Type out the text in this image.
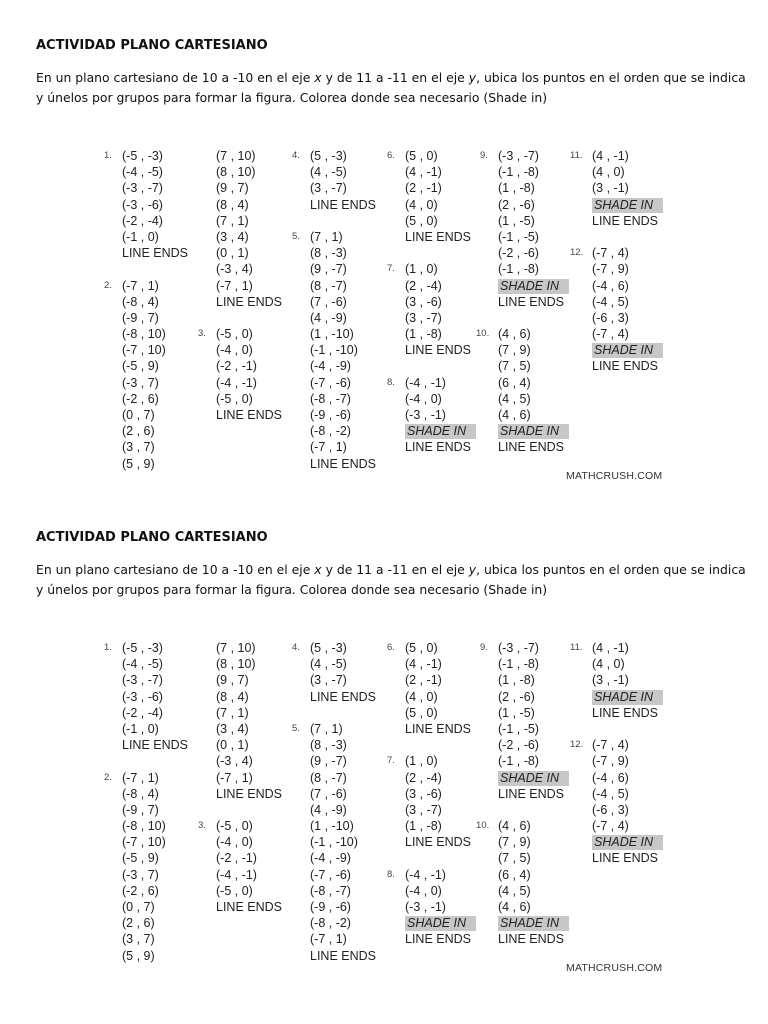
ACTIVIDAD PLANO CARTESIANO
En un plano cartesiano de 10 a -10 en el eje x y de 11 a -11 en el eje y, ubica los puntos en el orden que se indica y únelos por grupos para formar la figura. Colorea donde sea necesario (Shade in)
1. (-5 , -3)
(-4 , -5)
(-3 , -7)
(-3 , -6)
(-2 , -4)
(-1 , 0)
LINE ENDS
2. (-7 , 1)
(-8 , 4)
(-9 , 7)
(-8 , 10)
(-7 , 10)
(-5 , 9)
(-3 , 7)
(-2 , 6)
(0 , 7)
(2 , 6)
(3 , 7)
(5 , 9)
(7 , 10)
(8 , 10)
(9 , 7)
(8 , 4)
(7 , 1)
(3 , 4)
(0 , 1)
(-3 , 4)
(-7 , 1)
LINE ENDS
3. (-5 , 0)
(-4 , 0)
(-2 , -1)
(-4 , -1)
(-5 , 0)
LINE ENDS
4. (5 , -3)
(4 , -5)
(3 , -7)
LINE ENDS
5. (7 , 1)
(8 , -3)
(9 , -7)
(8 , -7)
(7 , -6)
(4 , -9)
(1 , -10)
(-1 , -10)
(-4 , -9)
(-7 , -6)
(-8 , -7)
(-9 , -6)
(-8 , -2)
(-7 , 1)
LINE ENDS
6. (5 , 0)
(4 , -1)
(2 , -1)
(4 , 0)
(5 , 0)
LINE ENDS
7. (1 , 0)
(2 , -4)
(3 , -6)
(3 , -7)
(1 , -8)
LINE ENDS
8. (-4 , -1)
(-4 , 0)
(-3 , -1)
SHADE IN
LINE ENDS
9. (-3 , -7)
(-1 , -8)
(1 , -8)
(2 , -6)
(1 , -5)
(-1 , -5)
(-2 , -6)
(-1 , -8)
SHADE IN
LINE ENDS
10. (4 , 6)
(7 , 9)
(7 , 5)
(6 , 4)
(4 , 5)
(4 , 6)
SHADE IN
LINE ENDS
11. (4 , -1)
(4 , 0)
(3 , -1)
SHADE IN
LINE ENDS
12. (-7 , 4)
(-7 , 9)
(-4 , 6)
(-4 , 5)
(-6 , 3)
(-7 , 4)
SHADE IN
LINE ENDS
MATHCRUSH.COM
ACTIVIDAD PLANO CARTESIANO
En un plano cartesiano de 10 a -10 en el eje x y de 11 a -11 en el eje y, ubica los puntos en el orden que se indica y únelos por grupos para formar la figura. Colorea donde sea necesario (Shade in)
1. (-5 , -3)
(-4 , -5)
(-3 , -7)
(-3 , -6)
(-2 , -4)
(-1 , 0)
LINE ENDS
2. (-7 , 1)
(-8 , 4)
(-9 , 7)
(-8 , 10)
(-7 , 10)
(-5 , 9)
(-3 , 7)
(-2 , 6)
(0 , 7)
(2 , 6)
(3 , 7)
(5 , 9)
(7 , 10)
(8 , 10)
(9 , 7)
(8 , 4)
(7 , 1)
(3 , 4)
(0 , 1)
(-3 , 4)
(-7 , 1)
LINE ENDS
3. (-5 , 0)
(-4 , 0)
(-2 , -1)
(-4 , -1)
(-5 , 0)
LINE ENDS
4. (5 , -3)
(4 , -5)
(3 , -7)
LINE ENDS
5. (7 , 1)
(8 , -3)
(9 , -7)
(8 , -7)
(7 , -6)
(4 , -9)
(1 , -10)
(-1 , -10)
(-4 , -9)
(-7 , -6)
(-8 , -7)
(-9 , -6)
(-8 , -2)
(-7 , 1)
LINE ENDS
6. (5 , 0)
(4 , -1)
(2 , -1)
(4 , 0)
(5 , 0)
LINE ENDS
7. (1 , 0)
(2 , -4)
(3 , -6)
(3 , -7)
(1 , -8)
LINE ENDS
8. (-4 , -1)
(-4 , 0)
(-3 , -1)
SHADE IN
LINE ENDS
9. (-3 , -7)
(-1 , -8)
(1 , -8)
(2 , -6)
(1 , -5)
(-1 , -5)
(-2 , -6)
(-1 , -8)
SHADE IN
LINE ENDS
10. (4 , 6)
(7 , 9)
(7 , 5)
(6 , 4)
(4 , 5)
(4 , 6)
SHADE IN
LINE ENDS
11. (4 , -1)
(4 , 0)
(3 , -1)
SHADE IN
LINE ENDS
12. (-7 , 4)
(-7 , 9)
(-4 , 6)
(-4 , 5)
(-6 , 3)
(-7 , 4)
SHADE IN
LINE ENDS
MATHCRUSH.COM
